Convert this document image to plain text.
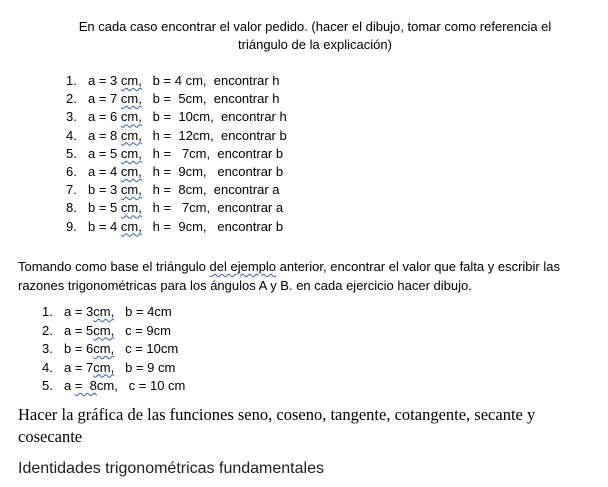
En cada caso encontrar el valor pedido. (hacer el dibujo, tomar como referencia el triángulo de la explicación)
1. a = 3 cm,   b = 4 cm,  encontrar h
2. a = 7 cm,   b =  5cm,  encontrar h
3. a = 6 cm,   b =  10cm,  encontrar h
4. a = 8 cm,   h =  12cm,  encontrar b
5. a = 5 cm,   h =   7cm,  encontrar b
6. a = 4 cm,   h =  9cm,   encontrar b
7. b = 3 cm,   h =  8cm,  encontrar a
8. b = 5 cm,   h =   7cm,  encontrar a
9. b = 4 cm,   h =  9cm,   encontrar b
Tomando como base el triángulo del ejemplo anterior, encontrar el valor que falta y escribir las razones trigonométricas para los ángulos A y B. en cada ejercicio hacer dibujo.
1. a = 3cm,   b = 4cm
2. a = 5cm,   c = 9cm
3. b = 6cm,   c = 10cm
4. a = 7cm,   b = 9 cm
5. a =  8cm,   c = 10 cm
Hacer la gráfica de las funciones seno, coseno, tangente, cotangente, secante y cosecante
Identidades trigonométricas fundamentales
